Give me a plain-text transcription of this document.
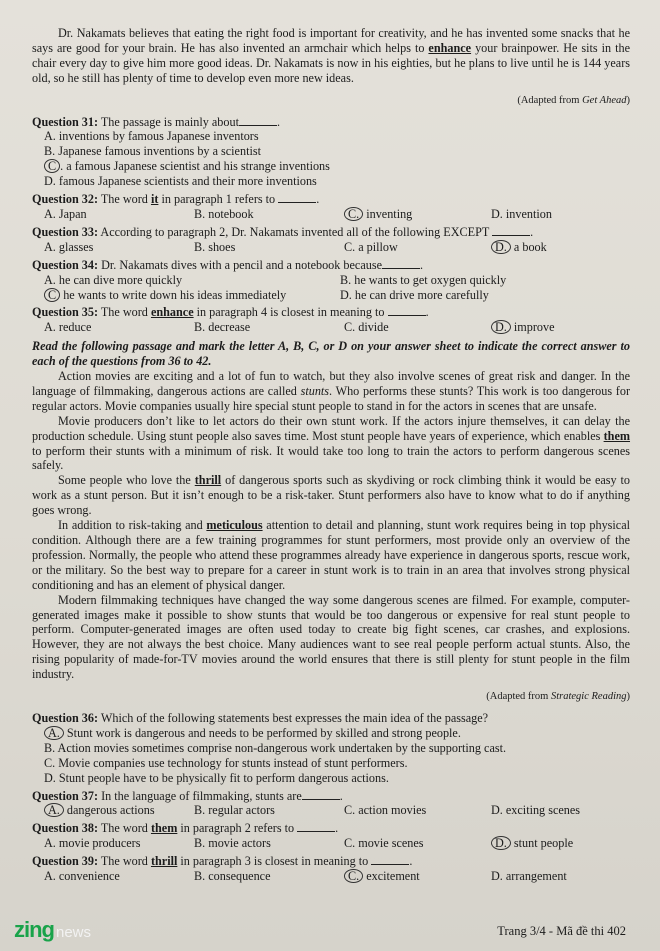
Dr. Nakamats believes that eating the right food is important for creativity, and he has invented some snacks that he says are good for your brain. He has also invented an armchair which helps to enhance your brainpower. He sits in the chair every day to give him more good ideas. Dr. Nakamats is now in his eighties, but he plans to live until he is 144 years old, so he still has plenty of time to develop even more new ideas.

(Adapted from Get Ahead)
Question 31: The passage is mainly about	.
A. inventions by famous Japanese inventors
B. Japanese famous inventions by a scientist
C . a famous Japanese scientist and his strange inventions
D. famous Japanese scientists and their more inventions
Question 32: The word it in paragraph 1 refers to	.
A. Japan	B. notebook	C. inventing	D. invention
Question 33: According to paragraph 2, Dr. Nakamats invented all of the following EXCEPT	.
A. glasses	B. shoes	C. a pillow	D. a book
Question 34: Dr. Nakamats dives with a pencil and a notebook because	.
A. he can dive more quickly	B. he wants to get oxygen quickly
C he wants to write down his ideas immediately	D. he can drive more carefully
Question 35: The word enhance in paragraph 4 is closest in meaning to	.
A. reduce	B. decrease	C. divide	D. improve

Read the following passage and mark the letter A, B, C, or D on your answer sheet to indicate the correct answer to each of the questions from 36 to 42.

Action movies are exciting and a lot of fun to watch, but they also involve scenes of great risk and danger. In the language of filmmaking, dangerous actions are called stunts. Who performs these stunts? This work is too dangerous for regular actors. Movie companies usually hire special stunt people to stand in for the actors in scenes that are unsafe.

Movie producers don’t like to let actors do their own stunt work. If the actors injure themselves, it can delay the production schedule. Using stunt people also saves time. Most stunt people have years of experience, which enables them to perform their stunts with a minimum of risk. It would take too long to train the actors to perform dangerous scenes safely.

Some people who love the thrill of dangerous sports such as skydiving or rock climbing think it would be easy to work as a stunt person. But it isn’t enough to be a risk-taker. Stunt performers also have to know what to do if anything goes wrong.

In addition to risk-taking and meticulous attention to detail and planning, stunt work requires being in top physical condition. Although there are a few training programmes for stunt performers, most provide only an overview of the profession. Normally, the people who attend these programmes already have experience in dangerous sports, rescue work, or the military. So the best way to prepare for a career in stunt work is to train in an area that involves strong physical conditioning and has an element of physical danger.

Modern filmmaking techniques have changed the way some dangerous scenes are filmed. For example, computer-generated images make it possible to show stunts that would be too dangerous or expensive for real stunt people to perform. Computer-generated images are often used today to create big fight scenes, car crashes, and explosions. However, they are not always the best choice. Many audiences want to see real people perform actual stunts. Also, the rising popularity of made-for-TV movies around the world ensures that there is still plenty for stunt people in the film industry.

(Adapted from Strategic Reading)
Question 36: Which of the following statements best expresses the main idea of the passage?
A. Stunt work is dangerous and needs to be performed by skilled and strong people.
B. Action movies sometimes comprise non-dangerous work undertaken by the supporting cast.
C. Movie companies use technology for stunts instead of stunt performers.
D. Stunt people have to be physically fit to perform dangerous actions.
Question 37: In the language of filmmaking, stunts are	.
A. dangerous actions	B. regular actors	C. action movies	D. exciting scenes
Question 38: The word them in paragraph 2 refers to	.
A. movie producers	B. movie actors	C. movie scenes	D. stunt people
Question 39: The word thrill in paragraph 3 is closest in meaning to	.
A. convenience	B. consequence	C. excitement	D. arrangement
zing news	Trang 3/4 - Mã đề thi 402
